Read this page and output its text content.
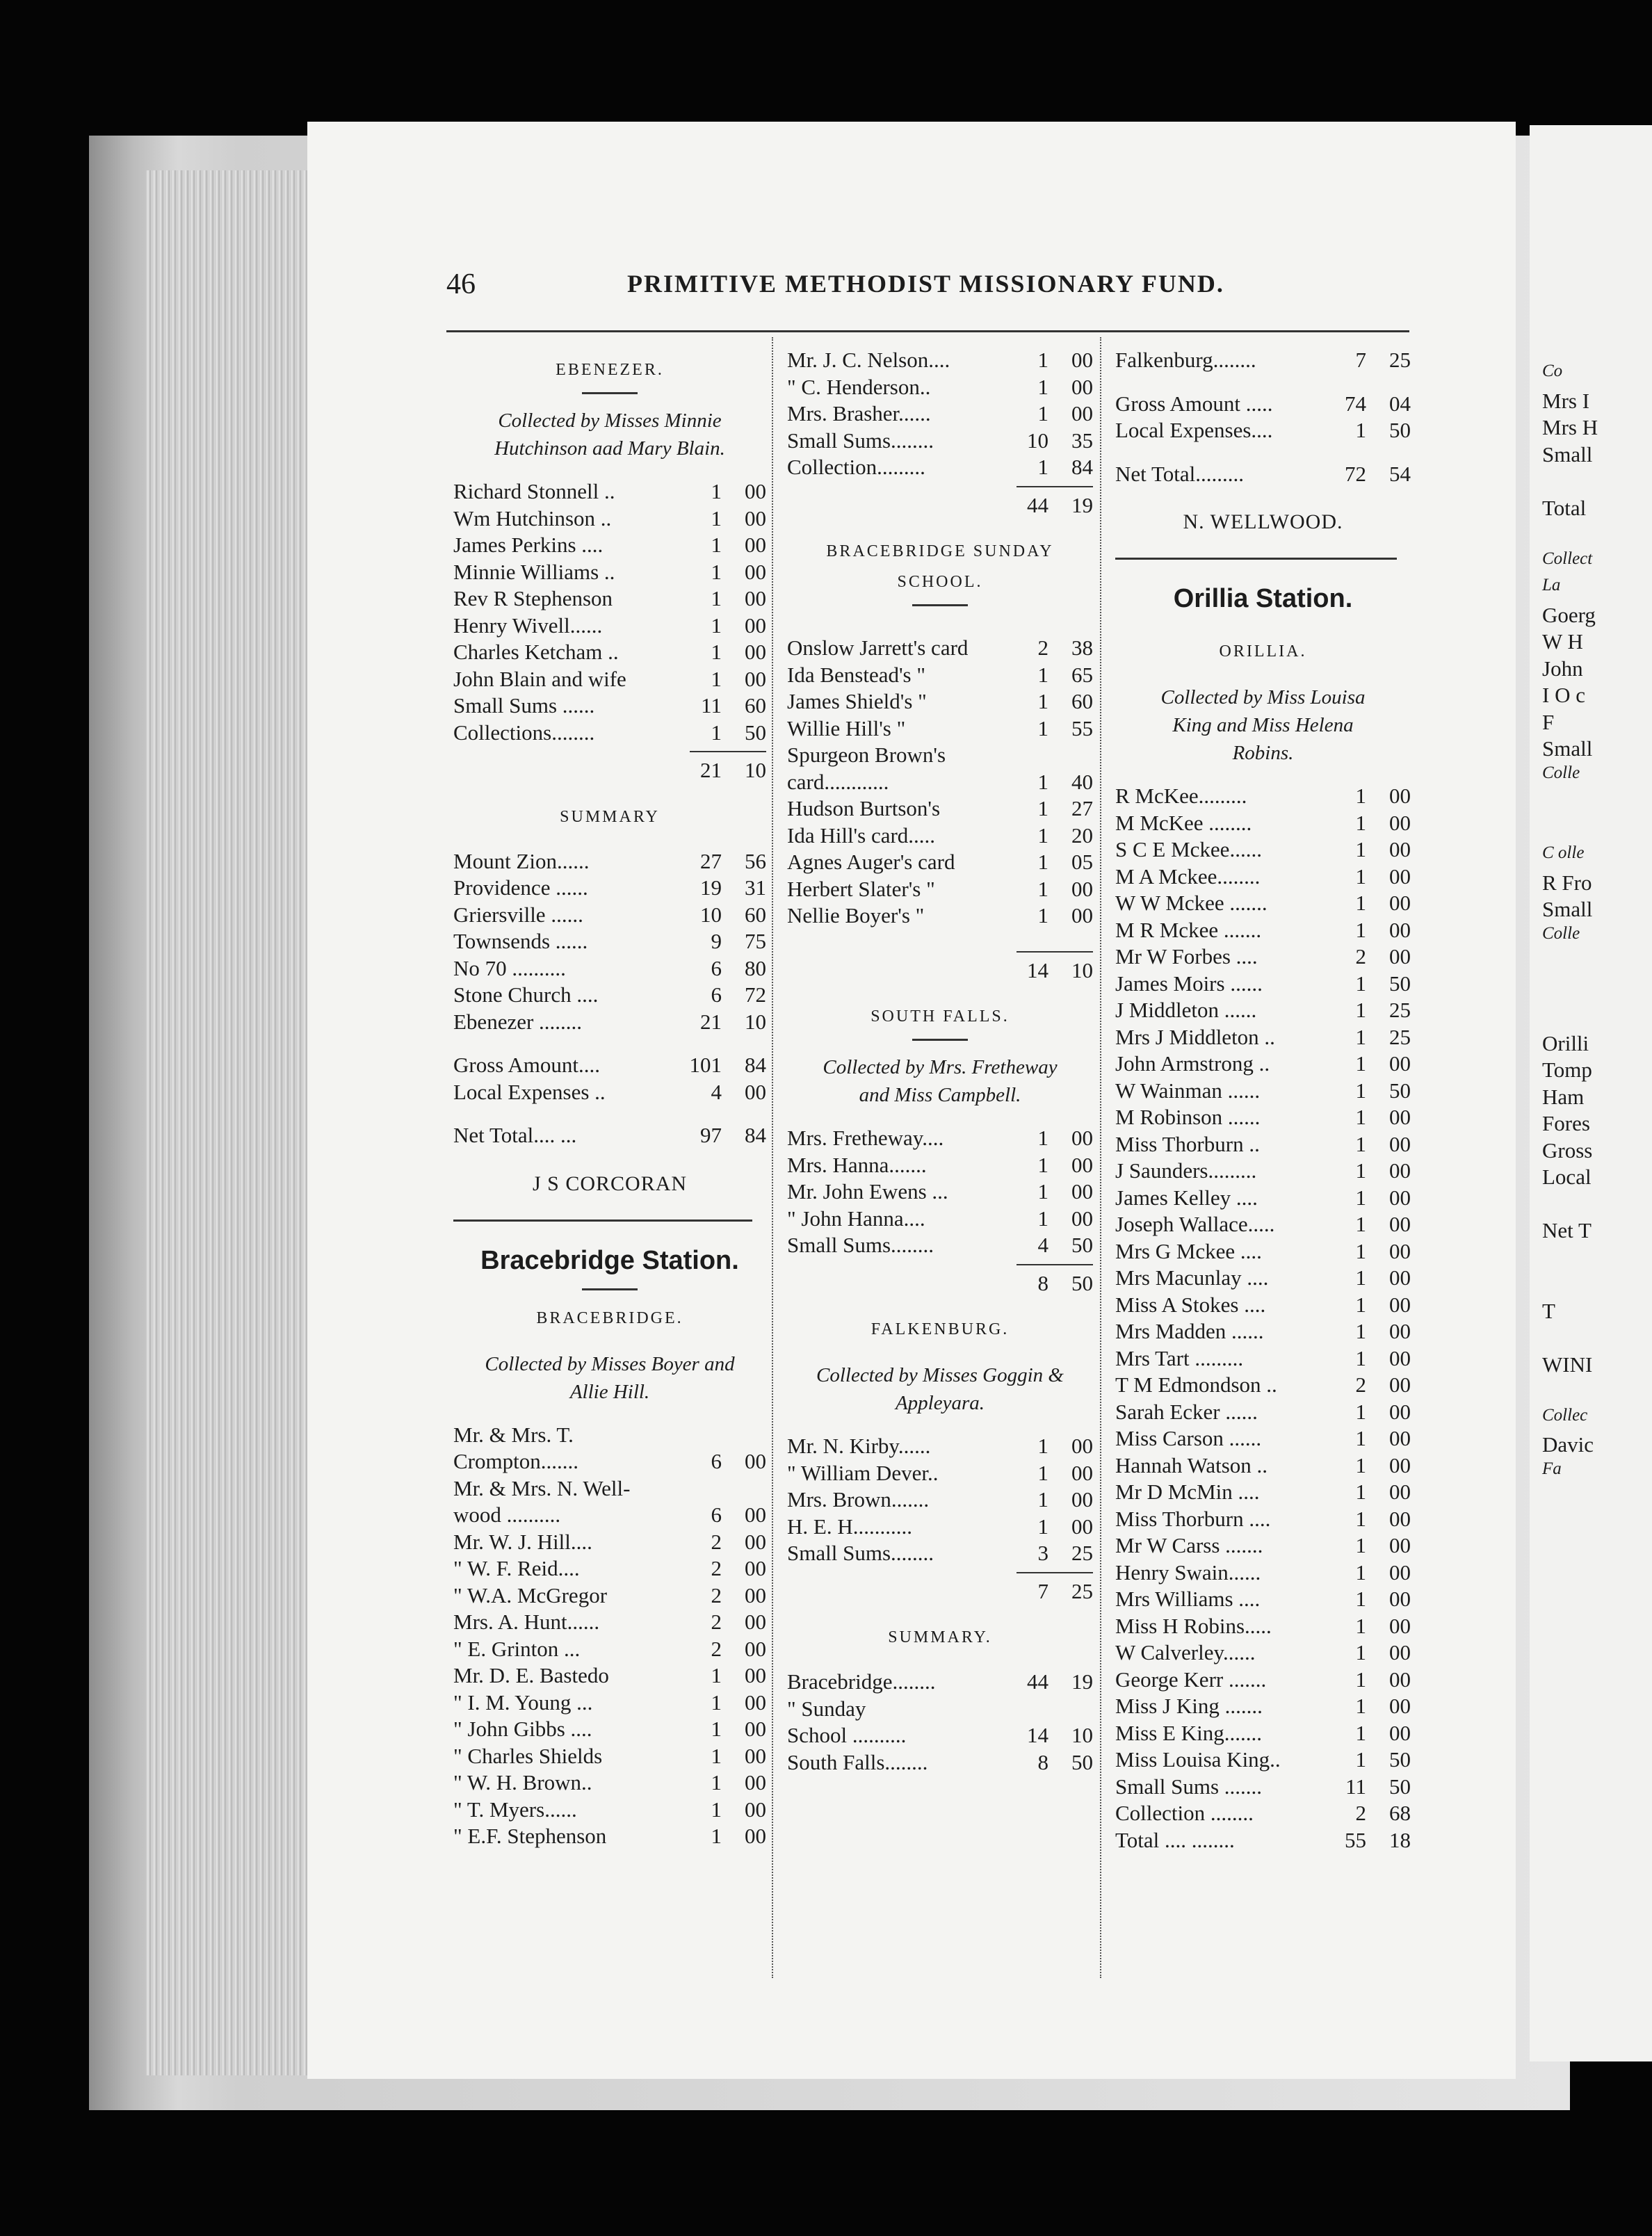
46	PRIMITIVE METHODIST MISSIONARY FUND.
EBENEZER.
Collected by Misses Minnie
Hutchinson aad Mary Blain.
Richard Stonnell ..	1	00
Wm Hutchinson ..	1	00
James Perkins ....	1	00
Minnie Williams ..	1	00
Rev R Stephenson	1	00
Henry Wivell......	1	00
Charles Ketcham ..	1	00
John Blain and wife	1	00
Small Sums ......	11	60
Collections........	1	50
21	10
SUMMARY
Mount Zion......	27	56
Providence ......	19	31
Griersville ......	10	60
Townsends ......	9	75
No 70 ..........	6	80
Stone Church ....	6	72
Ebenezer ........	21	10
Gross Amount....	101	84
Local Expenses ..	4	00
Net Total.... ...	97	84
J S CORCORAN
Bracebridge Station.
BRACEBRIDGE.
Collected by Misses Boyer and
Allie Hill.
Mr. & Mrs. T.
Crompton.......	6	00
Mr. & Mrs. N. Well-
wood ..........	6	00
Mr. W. J. Hill....	2	00
" W. F. Reid....	2	00
" W.A. McGregor	2	00
Mrs. A. Hunt......	2	00
" E. Grinton ...	2	00
Mr. D. E. Bastedo	1	00
" I. M. Young ...	1	00
" John Gibbs ....	1	00
" Charles Shields	1	00
" W. H. Brown..	1	00
" T. Myers......	1	00
" E.F. Stephenson	1	00
Mr. J. C. Nelson....	1	00
" C. Henderson..	1	00
Mrs. Brasher......	1	00
Small Sums........	10	35
Collection.........	1	84
44	19
BRACEBRIDGE SUNDAY
SCHOOL.
Onslow Jarrett's card	2	38
Ida Benstead's "	1	65
James Shield's "	1	60
Willie Hill's "	1	55
Spurgeon Brown's
card............	1	40
Hudson Burtson's	1	27
Ida Hill's card.....	1	20
Agnes Auger's card	1	05
Herbert Slater's "	1	00
Nellie Boyer's "	1	00
14	10
SOUTH FALLS.
Collected by Mrs. Fretheway
and Miss Campbell.
Mrs. Fretheway....	1	00
Mrs. Hanna.......	1	00
Mr. John Ewens ...	1	00
" John Hanna....	1	00
Small Sums........	4	50
8	50
FALKENBURG.
Collected by Misses Goggin &
Appleyara.
Mr. N. Kirby......	1	00
" William Dever..	1	00
Mrs. Brown.......	1	00
H. E. H...........	1	00
Small Sums........	3	25
7	25
SUMMARY.
Bracebridge........	44	19
" Sunday
School ..........	14	10
South Falls........	8	50
Falkenburg........	7	25
Gross Amount .....	74	04
Local Expenses....	1	50
Net Total.........	72	54
N. WELLWOOD.
Orillia Station.
ORILLIA.
Collected by Miss Louisa
King and Miss Helena
Robins.
R McKee.........	1	00
M McKee ........	1	00
S C E Mckee......	1	00
M A Mckee........	1	00
W W Mckee .......	1	00
M R Mckee .......	1	00
Mr W Forbes ....	2	00
James Moirs ......	1	50
J Middleton ......	1	25
Mrs J Middleton ..	1	25
John Armstrong ..	1	00
W Wainman ......	1	50
M Robinson ......	1	00
Miss Thorburn ..	1	00
J Saunders.........	1	00
James Kelley ....	1	00
Joseph Wallace.....	1	00
Mrs G Mckee ....	1	00
Mrs Macunlay ....	1	00
Miss A Stokes ....	1	00
Mrs Madden ......	1	00
Mrs Tart .........	1	00
T M Edmondson ..	2	00
Sarah Ecker ......	1	00
Miss Carson ......	1	00
Hannah Watson ..	1	00
Mr D McMin ....	1	00
Miss Thorburn ....	1	00
Mr W Carss .......	1	00
Henry Swain......	1	00
Mrs Williams ....	1	00
Miss H Robins.....	1	00
W Calverley......	1	00
George Kerr .......	1	00
Miss J King .......	1	00
Miss E King.......	1	00
Miss Louisa King..	1	50
Small Sums .......	11	50
Collection ........	2	68
Total .... ........	55	18
Co
Mrs I
Mrs H
Small

Total

Collect
La
Goerg
W H
John
I O c
F
Small
Colle

C olle
R Fro
Small
Colle

Orilli
Tomp
Ham
Fores
Gross
Local

Net T

T

WINI

Collec
Davic
Fa
